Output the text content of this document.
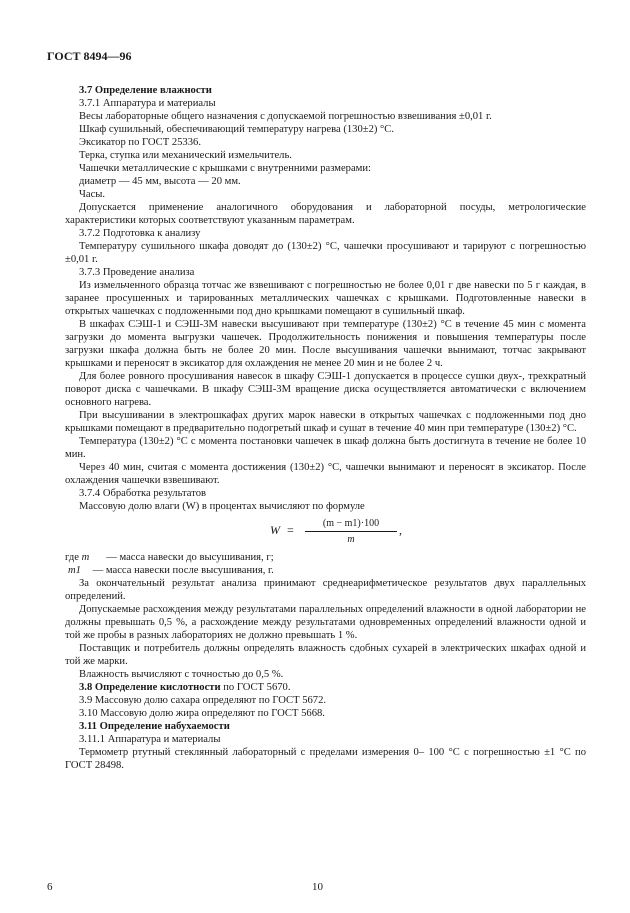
ГОСТ 8494—96

3.7 Определение влажности

3.7.1 Аппаратура и материалы

Весы лабораторные общего назначения с допускаемой погрешностью взвешивания ±0,01 г.

Шкаф сушильный, обеспечивающий температуру нагрева (130±2) °С.

Эксикатор по ГОСТ 25336.

Терка, ступка или механический измельчитель.

Чашечки металлические с крышками с внутренними размерами:

диаметр — 45 мм, высота — 20 мм.

Часы.

Допускается применение аналогичного оборудования и лабораторной посуды, метрологические характеристики которых соответствуют указанным параметрам.

3.7.2 Подготовка к анализу

Температуру сушильного шкафа доводят до (130±2) °С, чашечки просушивают и тарируют с погрешностью ±0,01 г.

3.7.3 Проведение анализа

Из измельченного образца тотчас же взвешивают с погрешностью не более 0,01 г две навески по 5 г каждая, в заранее просушенных и тарированных металлических чашечках с крышками. Подготовленные навески в открытых чашечках с подложенными под дно крышками помещают в сушильный шкаф.

В шкафах СЭШ-1 и СЭШ-3М навески высушивают при температуре (130±2) °С в течение 45 мин с момента загрузки до момента выгрузки чашечек. Продолжительность понижения и повышения температуры после загрузки шкафа должна быть не более 20 мин. После высушивания чашечки вынимают, тотчас закрывают крышками и переносят в эксикатор для охлаждения не менее 20 мин и не более 2 ч.

Для более ровного просушивания навесок в шкафу СЭШ-1 допускается в процессе сушки двух-, трехкратный поворот диска с чашечками. В шкафу СЭШ-3М вращение диска осуществляется автоматически с включением основного нагрева.

При высушивании в электрошкафах других марок навески в открытых чашечках с подложенными под дно крышками помещают в предварительно подогретый шкаф и сушат в течение 40 мин при температуре (130±2) °С.

Температура (130±2) °С с момента постановки чашечек в шкаф должна быть достигнута в течение не более 10 мин.

Через 40 мин, считая с момента достижения (130±2) °С, чашечки вынимают и переносят в эксикатор. После охлаждения чашечки взвешивают.

3.7.4 Обработка результатов

Массовую долю влаги (W) в процентах вычисляют по формуле

$W = \frac{(m - m1)\cdot 100}{m}$ ,

где m — масса навески до высушивания, г;

m1 — масса навески после высушивания, г.

За окончательный результат анализа принимают среднеарифметическое результатов двух параллельных определений.

Допускаемые расхождения между результатами параллельных определений влажности в одной лаборатории не должны превышать 0,5 %, а расхождение между результатами одновременных определений влажности одной и той же пробы в разных лабораториях не должно превышать 1 %.

Поставщик и потребитель должны определять влажность сдобных сухарей в электрических шкафах одной и той же марки.

Влажность вычисляют с точностью до 0,5 %.

3.8 Определение кислотности по ГОСТ 5670.

3.9 Массовую долю сахара определяют по ГОСТ 5672.

3.10 Массовую долю жира определяют по ГОСТ 5668.

3.11 Определение набухаемости

3.11.1 Аппаратура и материалы

Термометр ртутный стеклянный лабораторный с пределами измерения 0– 100 °С с погрешностью ±1 °С по ГОСТ 28498.

6	10
